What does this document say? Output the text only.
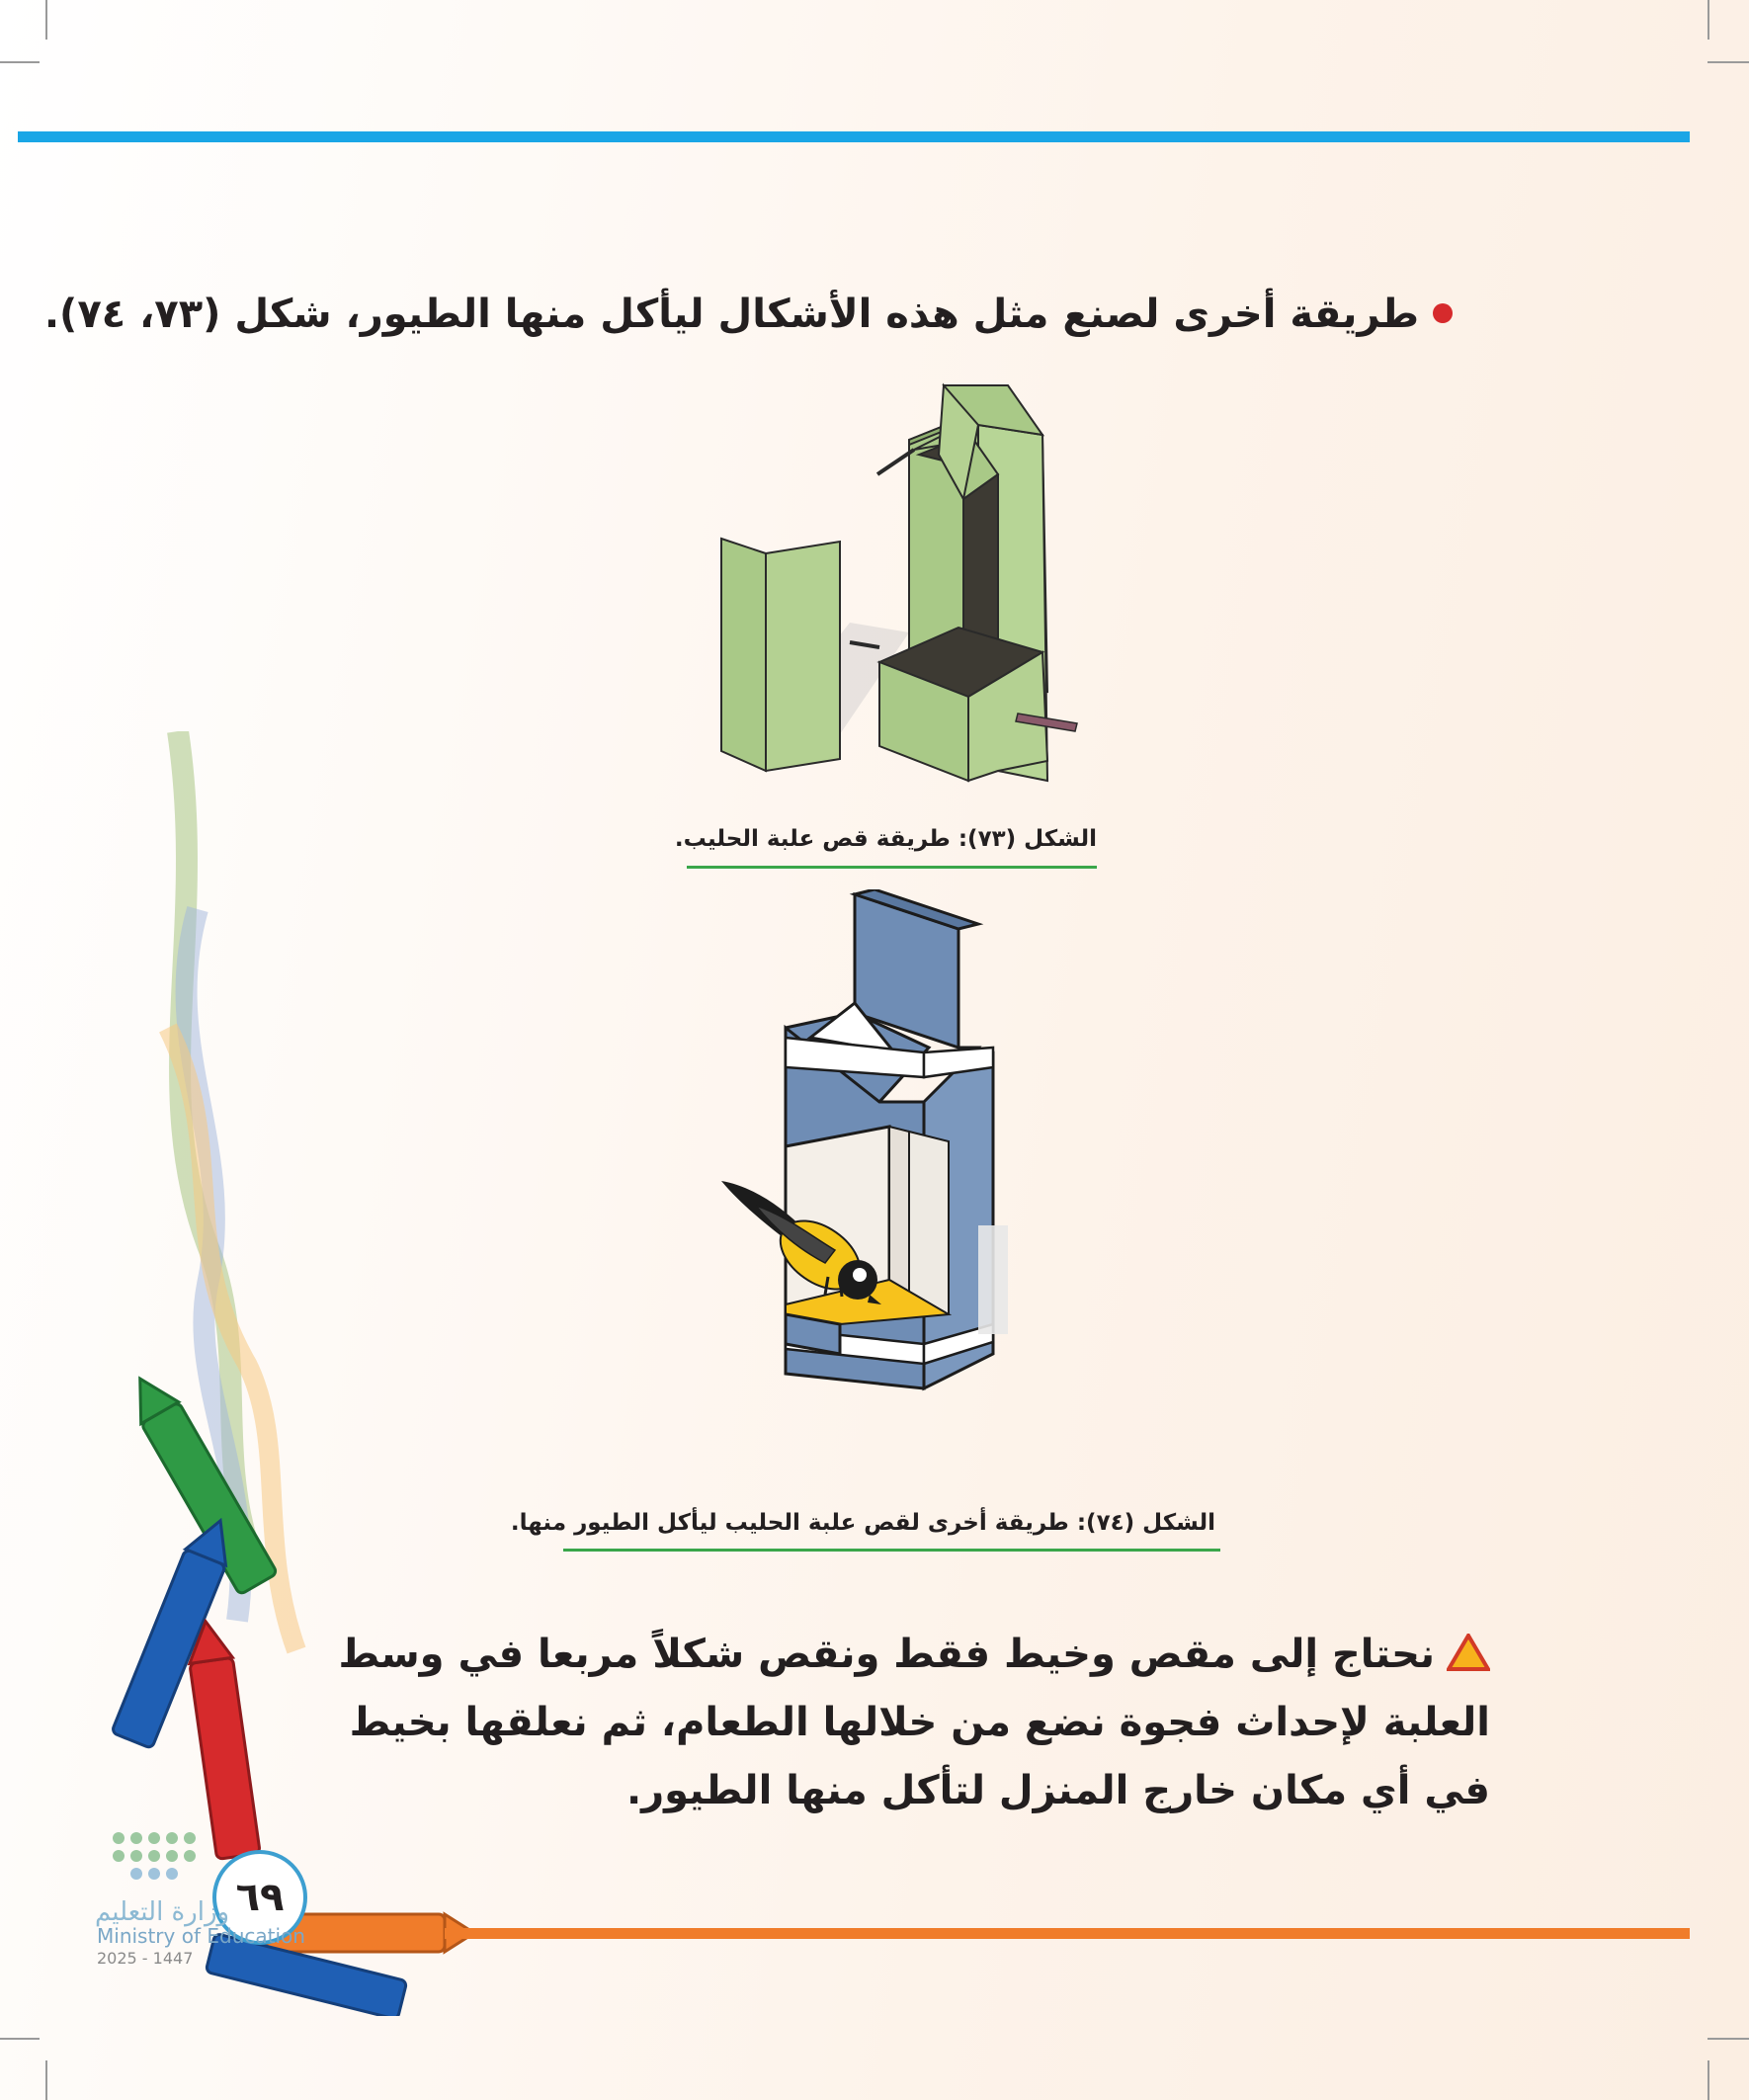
طريقة أخرى لصنع مثل هذه الأشكال ليأكل منها الطيور، شكل (٧٣، ٧٤).
الشكل (٧٣): طريقة قص علبة الحليب.
الشكل (٧٤): طريقة أخرى لقص علبة الحليب ليأكل الطيور منها.
نحتاج إلى مقص وخيط فقط ونقص شكلاً مربعا في وسط العلبة لإحداث فجوة نضع من خلالها الطعام، ثم نعلقها بخيط في أي مكان خارج المنزل لتأكل منها الطيور.
٦٩
وزارة التعليم
Ministry of Education
2025 - 1447
